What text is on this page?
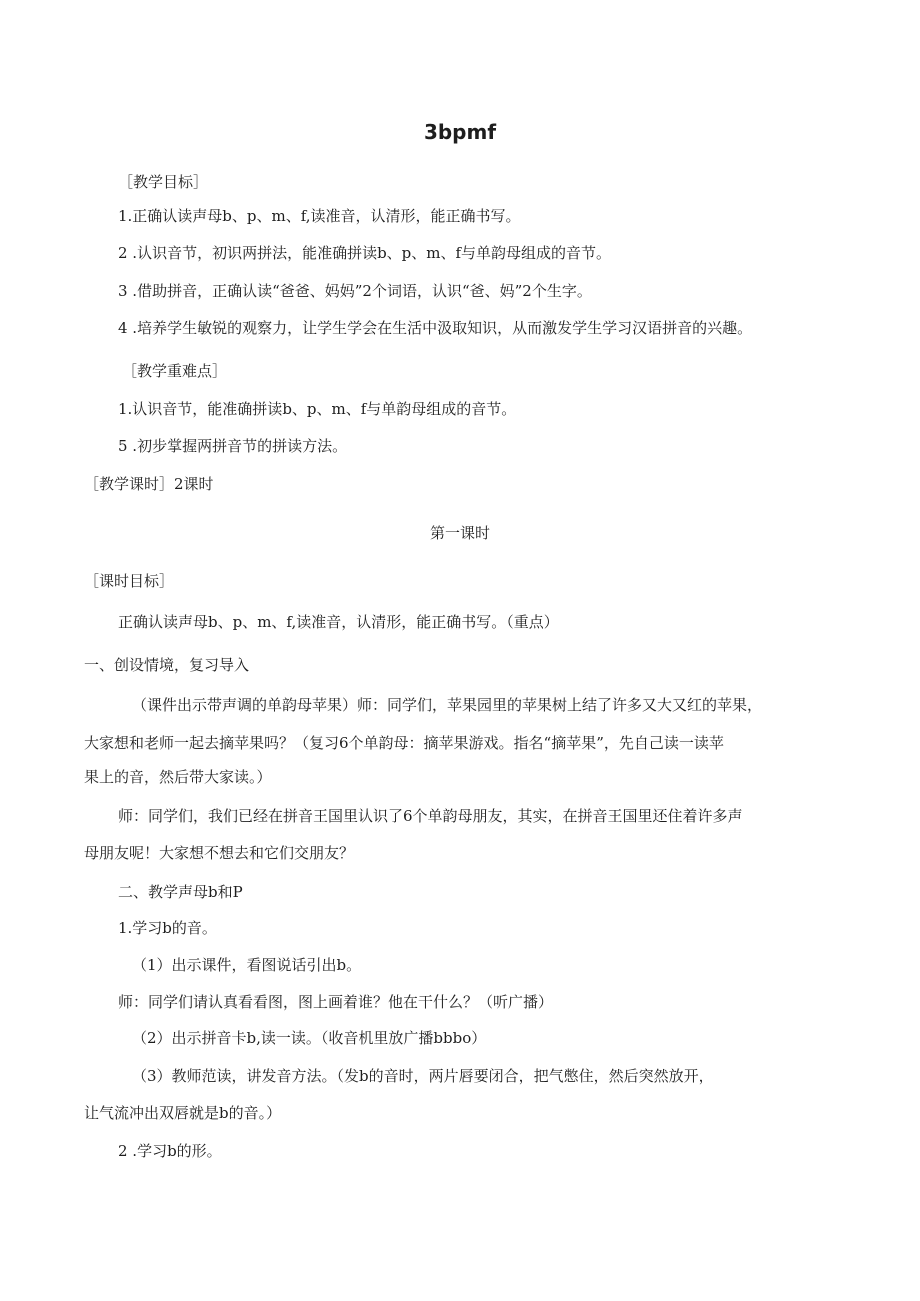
3bpmf
［教学目标］
1.正确认读声母b、p、m、f,读准音，认清形，能正确书写。
2 .认识音节，初识两拼法，能准确拼读b、p、m、f与单韵母组成的音节。
3 .借助拼音，正确认读“爸爸、妈妈”2个词语，认识“爸、妈”2个生字。
4 .培养学生敏锐的观察力，让学生学会在生活中汲取知识，从而激发学生学习汉语拼音的兴趣。
［教学重难点］
1.认识音节，能准确拼读b、p、m、f与单韵母组成的音节。
5 .初步掌握两拼音节的拼读方法。
［教学课时］2课时
第一课时
［课时目标］
正确认读声母b、p、m、f,读准音，认清形，能正确书写。（重点）
一、创设情境，复习导入
（课件出示带声调的单韵母苹果）师：同学们，苹果园里的苹果树上结了许多又大又红的苹果，
大家想和老师一起去摘苹果吗？（复习6个单韵母：摘苹果游戏。指名“摘苹果”，先自己读一读苹
果上的音，然后带大家读。）
师：同学们，我们已经在拼音王国里认识了6个单韵母朋友，其实，在拼音王国里还住着许多声
母朋友呢！大家想不想去和它们交朋友？
二、教学声母b和P
1.学习b的音。
（1）出示课件，看图说话引出b。
师：同学们请认真看看图，图上画着谁？他在干什么？（听广播）
（2）出示拼音卡b,读一读。（收音机里放广播bbbo）
（3）教师范读，讲发音方法。（发b的音时，两片唇要闭合，把气憋住，然后突然放开，
让气流冲出双唇就是b的音。）
2 .学习b的形。
